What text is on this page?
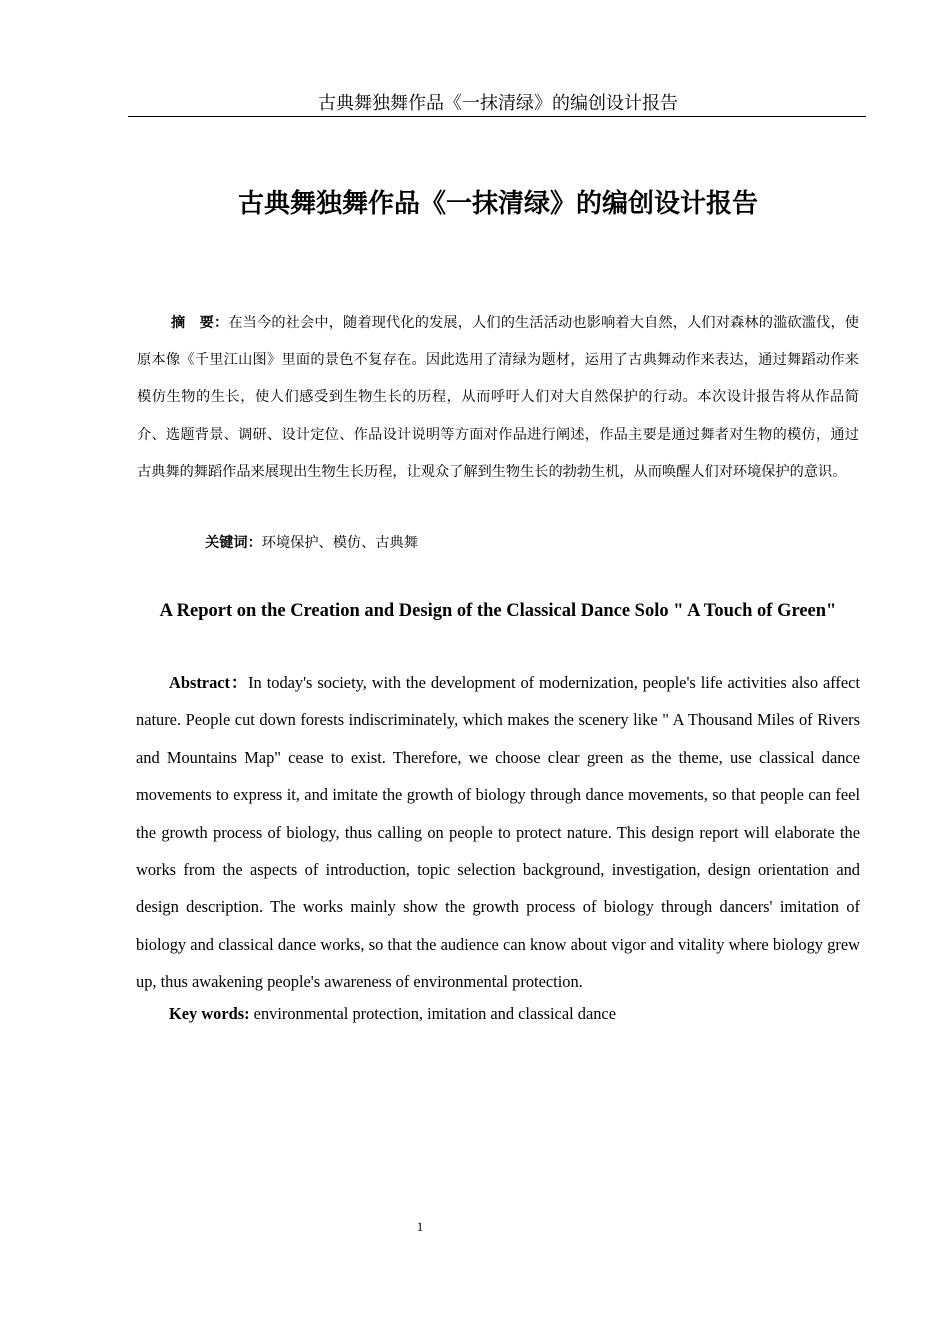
古典舞独舞作品《一抹清绿》的编创设计报告
古典舞独舞作品《一抹清绿》的编创设计报告

摘　要：在当今的社会中，随着现代化的发展，人们的生活活动也影响着大自然，人们对森林的滥砍滥伐，使原本像《千里江山图》里面的景色不复存在。因此选用了清绿为题材，运用了古典舞动作来表达，通过舞蹈动作来模仿生物的生长，使人们感受到生物生长的历程，从而呼吁人们对大自然保护的行动。本次设计报告将从作品简介、选题背景、调研、设计定位、作品设计说明等方面对作品进行阐述，作品主要是通过舞者对生物的模仿，通过古典舞的舞蹈作品来展现出生物生长历程，让观众了解到生物生长的勃勃生机，从而唤醒人们对环境保护的意识。

关键词：环境保护、模仿、古典舞

A Report on the Creation and Design of the Classical Dance Solo " A Touch of Green"

Abstract：In today's society, with the development of modernization, people's life activities also affect nature. People cut down forests indiscriminately, which makes the scenery like " A Thousand Miles of Rivers and Mountains Map" cease to exist. Therefore, we choose clear green as the theme, use classical dance movements to express it, and imitate the growth of biology through dance movements, so that people can feel the growth process of biology, thus calling on people to protect nature. This design report will elaborate the works from the aspects of introduction, topic selection background, investigation, design orientation and design description. The works mainly show the growth process of biology through dancers' imitation of biology and classical dance works, so that the audience can know about vigor and vitality where biology grew up, thus awakening people's awareness of environmental protection.

Key words: environmental protection, imitation and classical dance

1
